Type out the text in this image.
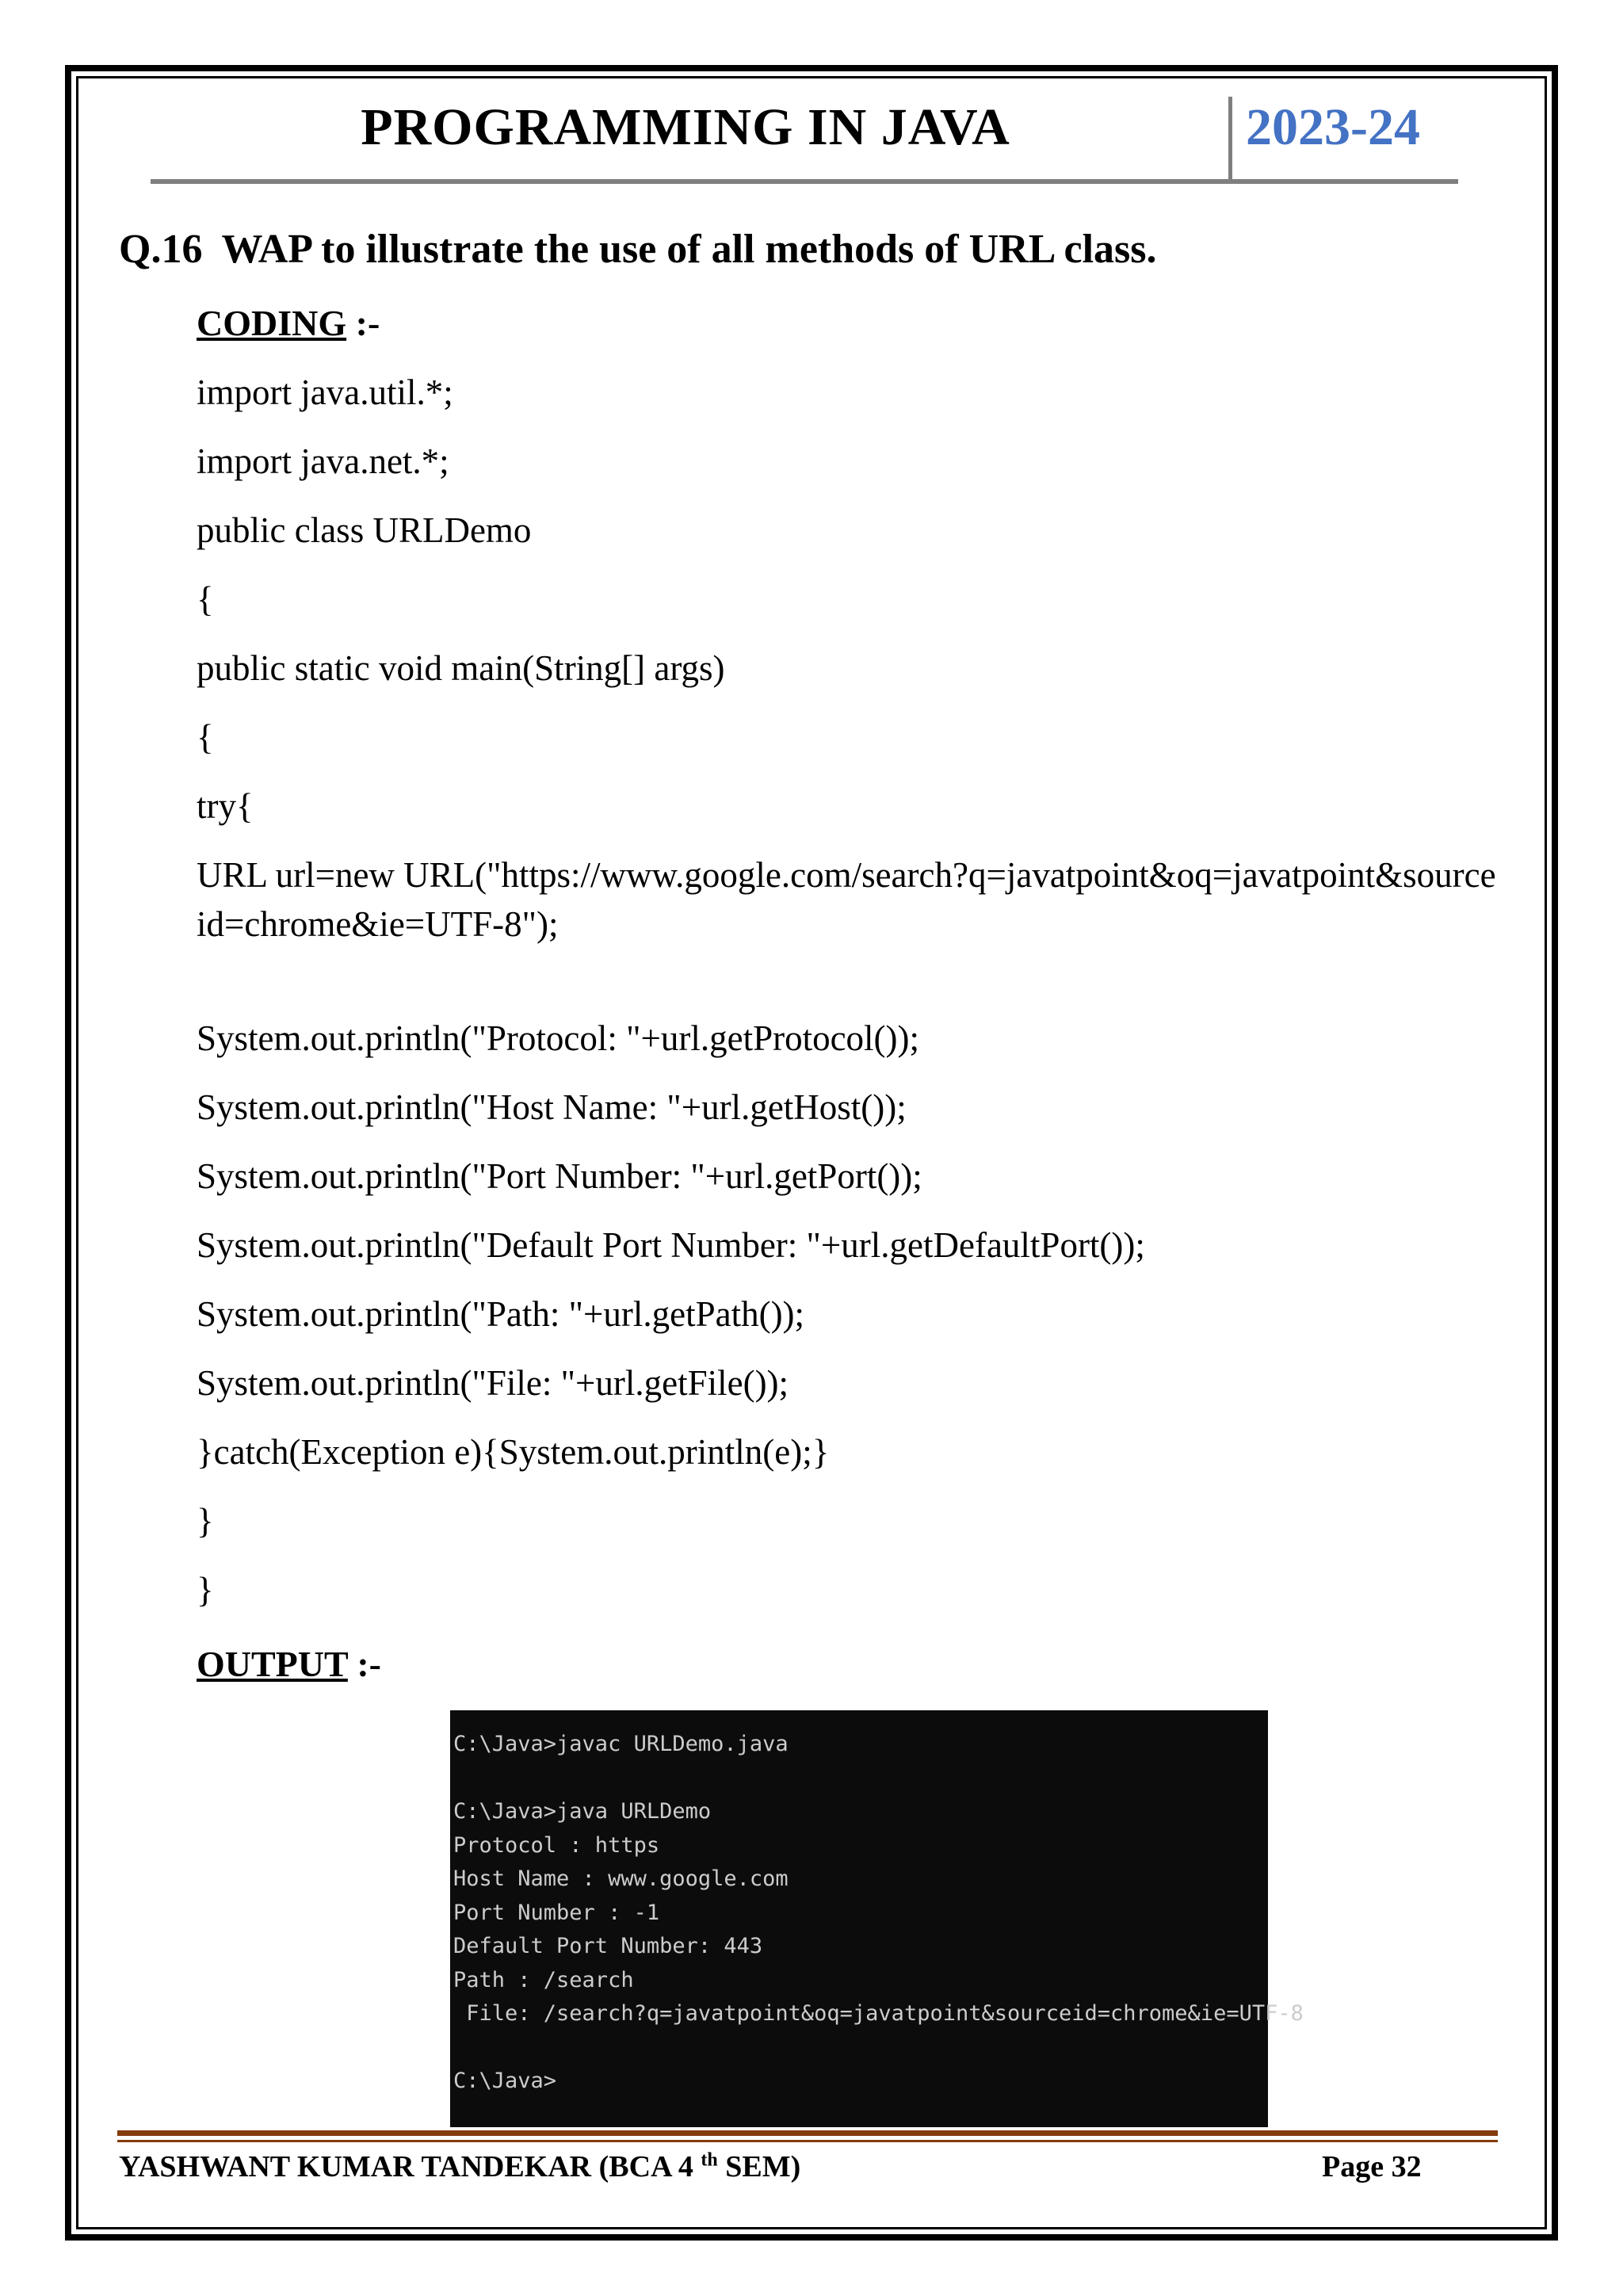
PROGRAMMING IN JAVA	2023-24
Q.16 WAP to illustrate the use of all methods of URL class.
CODING :-
import java.util.*;
import java.net.*;
public class URLDemo
{
public static void main(String[] args)
{
try{
URL url=new URL("https://www.google.com/search?q=javatpoint&oq=javatpoint&sourceid=chrome&ie=UTF-8");
System.out.println("Protocol: "+url.getProtocol());
System.out.println("Host Name: "+url.getHost());
System.out.println("Port Number: "+url.getPort());
System.out.println("Default Port Number: "+url.getDefaultPort());
System.out.println("Path: "+url.getPath());
System.out.println("File: "+url.getFile());
}catch(Exception e){System.out.println(e);}
}
}
OUTPUT :-
C:\Java>javac URLDemo.java
C:\Java>java URLDemo
Protocol : https
Host Name : www.google.com
Port Number : -1
Default Port Number: 443
Path : /search
File: /search?q=javatpoint&oq=javatpoint&sourceid=chrome&ie=UTF-8
C:\Java>
YASHWANT KUMAR TANDEKAR (BCA 4 $^{th}$ SEM)	Page 32
